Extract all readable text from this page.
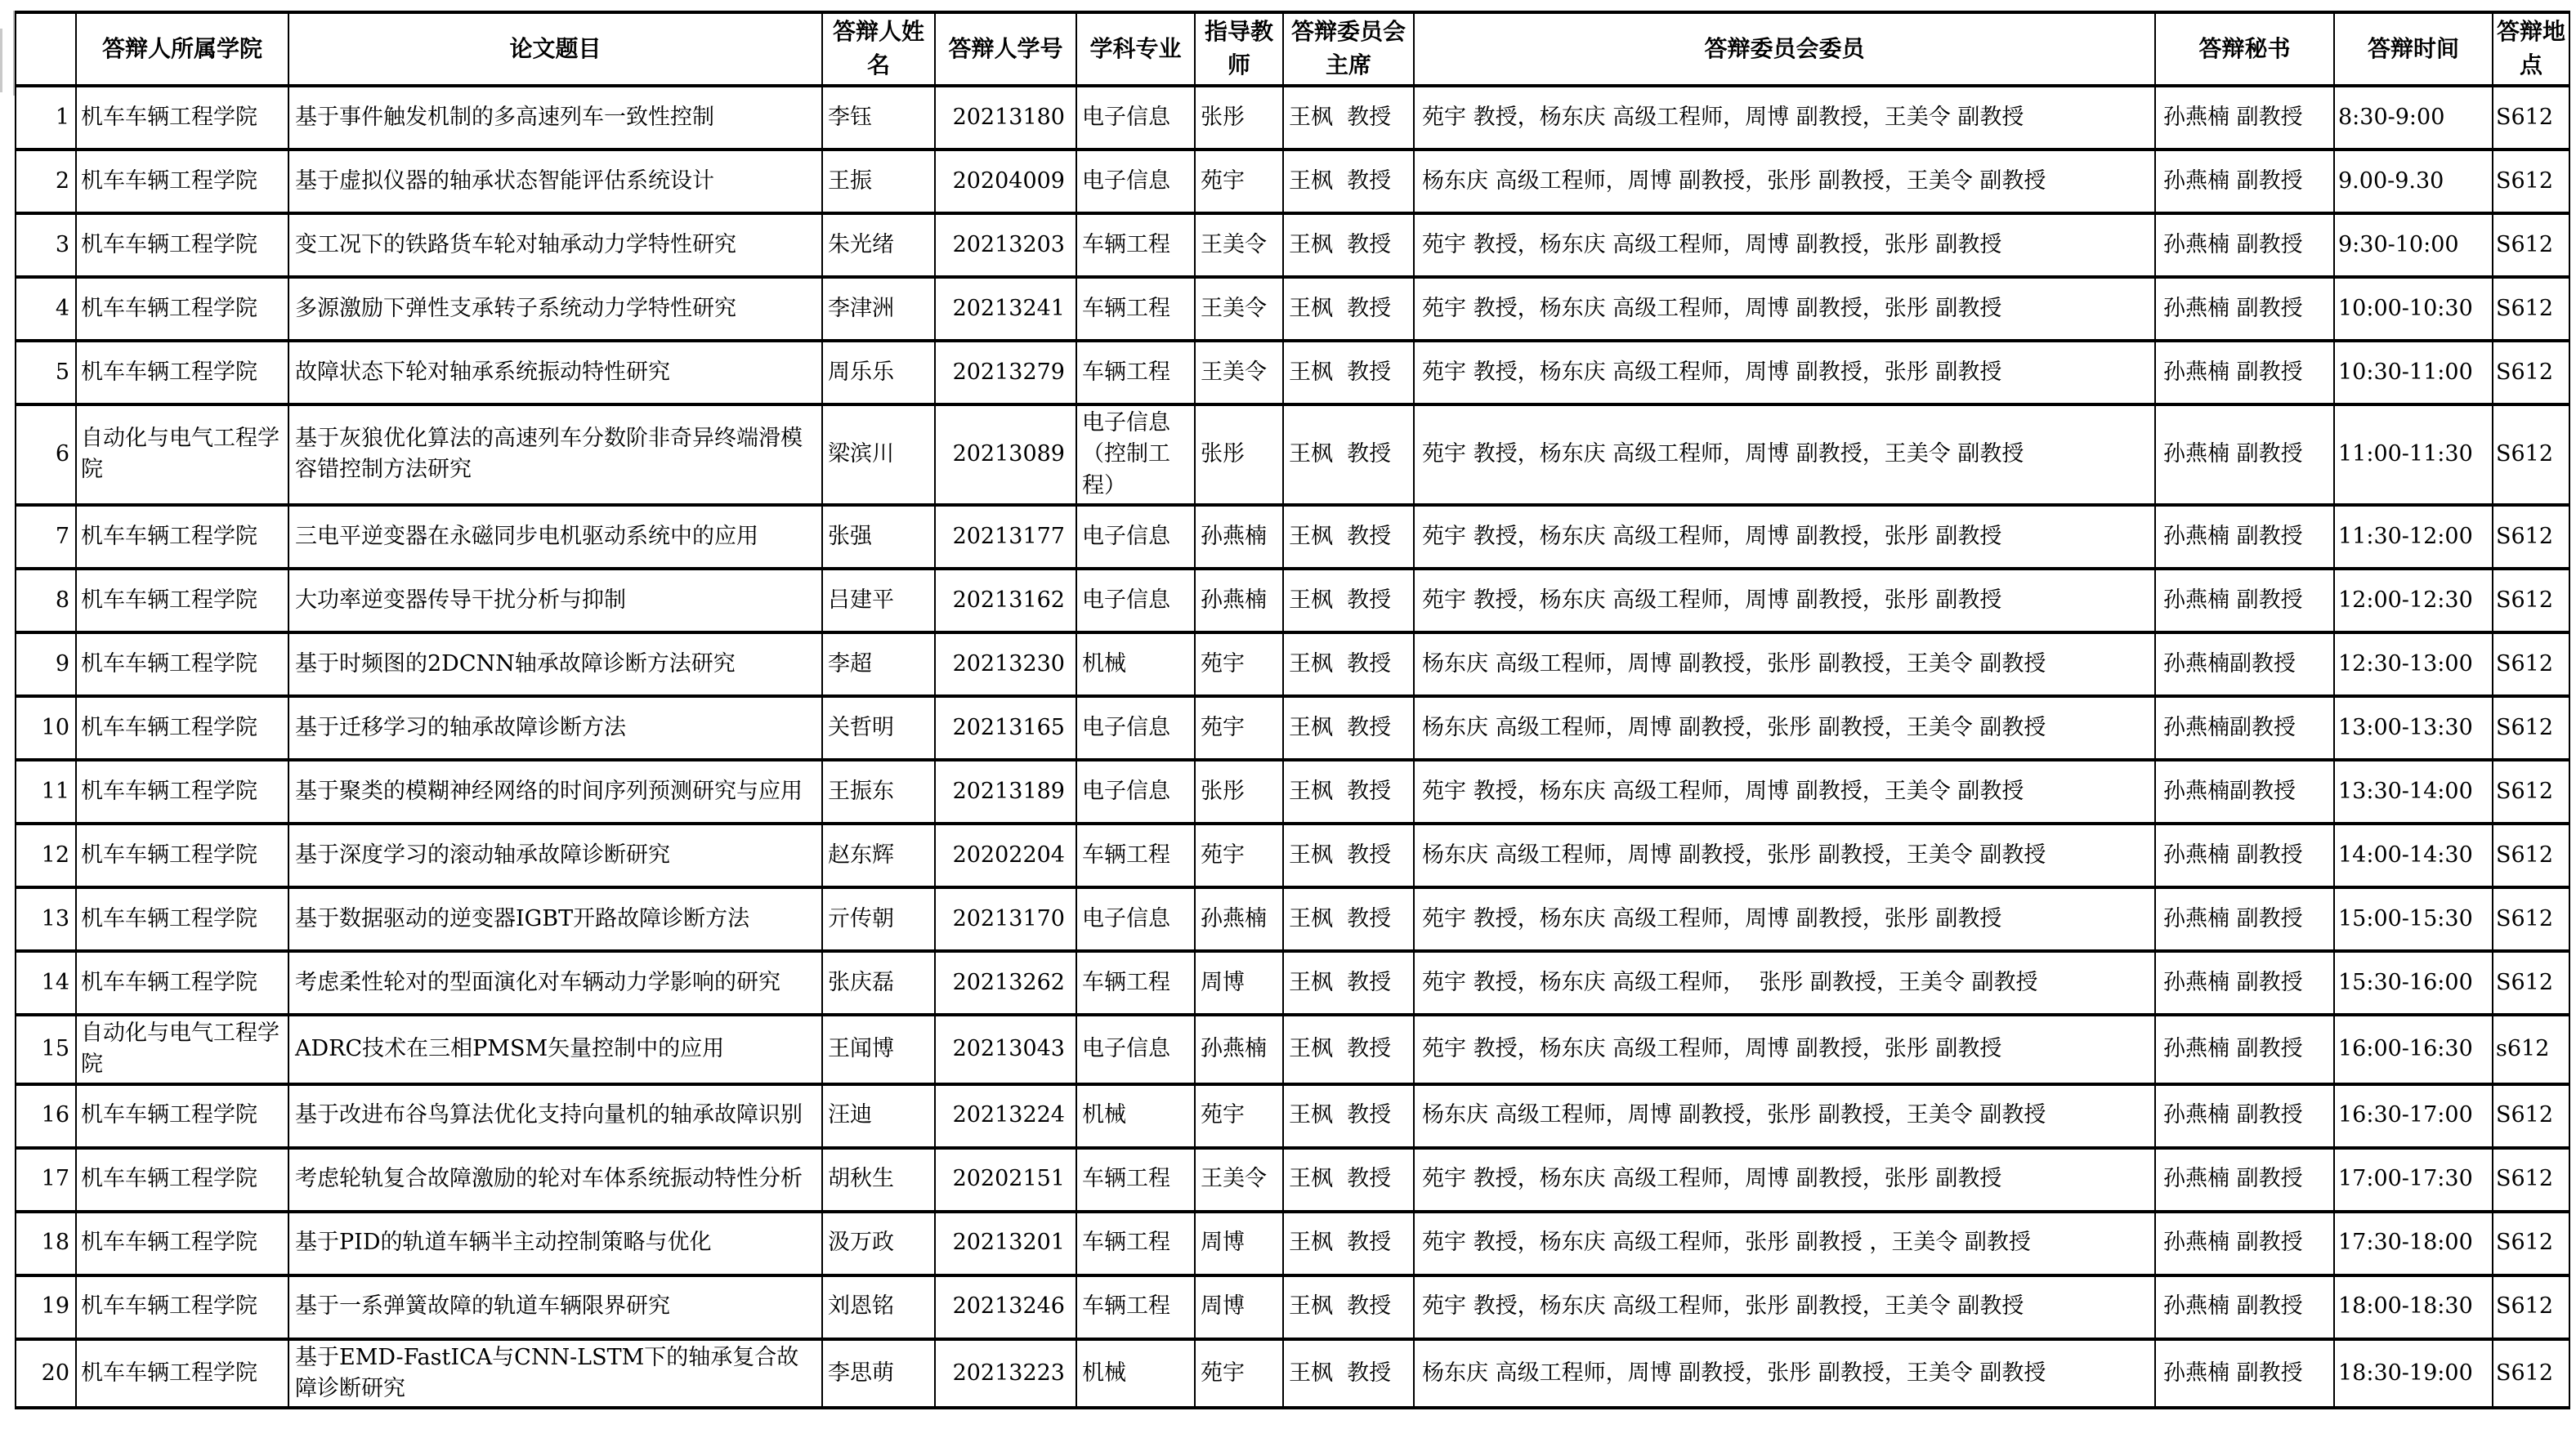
	答辩人所属学院	论文题目	答辩人姓名	答辩人学号	学科专业	指导教师	答辩委员会主席	答辩委员会委员	答辩秘书	答辩时间	答辩地点
1	机车车辆工程学院	基于事件触发机制的多高速列车一致性控制	李钰	20213180	电子信息	张彤	王枫  教授	苑宇 教授，杨东庆 高级工程师，周博 副教授，王美令 副教授	孙燕楠 副教授	8:30-9:00	S612
2	机车车辆工程学院	基于虚拟仪器的轴承状态智能评估系统设计	王振	20204009	电子信息	苑宇	王枫  教授	杨东庆 高级工程师，周博 副教授，张彤 副教授，王美令 副教授	孙燕楠 副教授	9.00-9.30	S612
3	机车车辆工程学院	变工况下的铁路货车轮对轴承动力学特性研究	朱光绪	20213203	车辆工程	王美令	王枫  教授	苑宇 教授，杨东庆 高级工程师，周博 副教授，张彤 副教授	孙燕楠 副教授	9:30-10:00	S612
4	机车车辆工程学院	多源激励下弹性支承转子系统动力学特性研究	李津洲	20213241	车辆工程	王美令	王枫  教授	苑宇 教授，杨东庆 高级工程师，周博 副教授，张彤 副教授	孙燕楠 副教授	10:00-10:30	S612
5	机车车辆工程学院	故障状态下轮对轴承系统振动特性研究	周乐乐	20213279	车辆工程	王美令	王枫  教授	苑宇 教授，杨东庆 高级工程师，周博 副教授，张彤 副教授	孙燕楠 副教授	10:30-11:00	S612
6	自动化与电气工程学院	基于灰狼优化算法的高速列车分数阶非奇异终端滑模容错控制方法研究	梁滨川	20213089	电子信息（控制工程）	张彤	王枫  教授	苑宇 教授，杨东庆 高级工程师，周博 副教授，王美令 副教授	孙燕楠 副教授	11:00-11:30	S612
7	机车车辆工程学院	三电平逆变器在永磁同步电机驱动系统中的应用	张强	20213177	电子信息	孙燕楠	王枫  教授	苑宇 教授，杨东庆 高级工程师，周博 副教授，张彤 副教授	孙燕楠 副教授	11:30-12:00	S612
8	机车车辆工程学院	大功率逆变器传导干扰分析与抑制	吕建平	20213162	电子信息	孙燕楠	王枫  教授	苑宇 教授，杨东庆 高级工程师，周博 副教授，张彤 副教授	孙燕楠 副教授	12:00-12:30	S612
9	机车车辆工程学院	基于时频图的2DCNN轴承故障诊断方法研究	李超	20213230	机械	苑宇	王枫  教授	杨东庆 高级工程师，周博 副教授，张彤 副教授，王美令 副教授	孙燕楠副教授	12:30-13:00	S612
10	机车车辆工程学院	基于迁移学习的轴承故障诊断方法	关哲明	20213165	电子信息	苑宇	王枫  教授	杨东庆 高级工程师，周博 副教授，张彤 副教授，王美令 副教授	孙燕楠副教授	13:00-13:30	S612
11	机车车辆工程学院	基于聚类的模糊神经网络的时间序列预测研究与应用	王振东	20213189	电子信息	张彤	王枫  教授	苑宇 教授，杨东庆 高级工程师，周博 副教授，王美令 副教授	孙燕楠副教授	13:30-14:00	S612
12	机车车辆工程学院	基于深度学习的滚动轴承故障诊断研究	赵东辉	20202204	车辆工程	苑宇	王枫  教授	杨东庆 高级工程师，周博 副教授，张彤 副教授，王美令 副教授	孙燕楠 副教授	14:00-14:30	S612
13	机车车辆工程学院	基于数据驱动的逆变器IGBT开路故障诊断方法	亓传朝	20213170	电子信息	孙燕楠	王枫  教授	苑宇 教授，杨东庆 高级工程师，周博 副教授，张彤 副教授	孙燕楠 副教授	15:00-15:30	S612
14	机车车辆工程学院	考虑柔性轮对的型面演化对车辆动力学影响的研究	张庆磊	20213262	车辆工程	周博	王枫  教授	苑宇 教授，杨东庆 高级工程师，  张彤 副教授，王美令 副教授	孙燕楠 副教授	15:30-16:00	S612
15	自动化与电气工程学院	ADRC技术在三相PMSM矢量控制中的应用	王闻博	20213043	电子信息	孙燕楠	王枫  教授	苑宇 教授，杨东庆 高级工程师，周博 副教授，张彤 副教授	孙燕楠 副教授	16:00-16:30	s612
16	机车车辆工程学院	基于改进布谷鸟算法优化支持向量机的轴承故障识别	汪迪	20213224	机械	苑宇	王枫  教授	杨东庆 高级工程师，周博 副教授，张彤 副教授，王美令 副教授	孙燕楠 副教授	16:30-17:00	S612
17	机车车辆工程学院	考虑轮轨复合故障激励的轮对车体系统振动特性分析	胡秋生	20202151	车辆工程	王美令	王枫  教授	苑宇 教授，杨东庆 高级工程师，周博 副教授，张彤 副教授	孙燕楠 副教授	17:00-17:30	S612
18	机车车辆工程学院	基于PID的轨道车辆半主动控制策略与优化	汲万政	20213201	车辆工程	周博	王枫  教授	苑宇 教授，杨东庆 高级工程师，张彤 副教授 ，王美令 副教授	孙燕楠 副教授	17:30-18:00	S612
19	机车车辆工程学院	基于一系弹簧故障的轨道车辆限界研究	刘恩铭	20213246	车辆工程	周博	王枫  教授	苑宇 教授，杨东庆 高级工程师，张彤 副教授，王美令 副教授	孙燕楠 副教授	18:00-18:30	S612
20	机车车辆工程学院	基于EMD-FastICA与CNN-LSTM下的轴承复合故障诊断研究	李思萌	20213223	机械	苑宇	王枫  教授	杨东庆 高级工程师，周博 副教授，张彤 副教授，王美令 副教授	孙燕楠 副教授	18:30-19:00	S612
